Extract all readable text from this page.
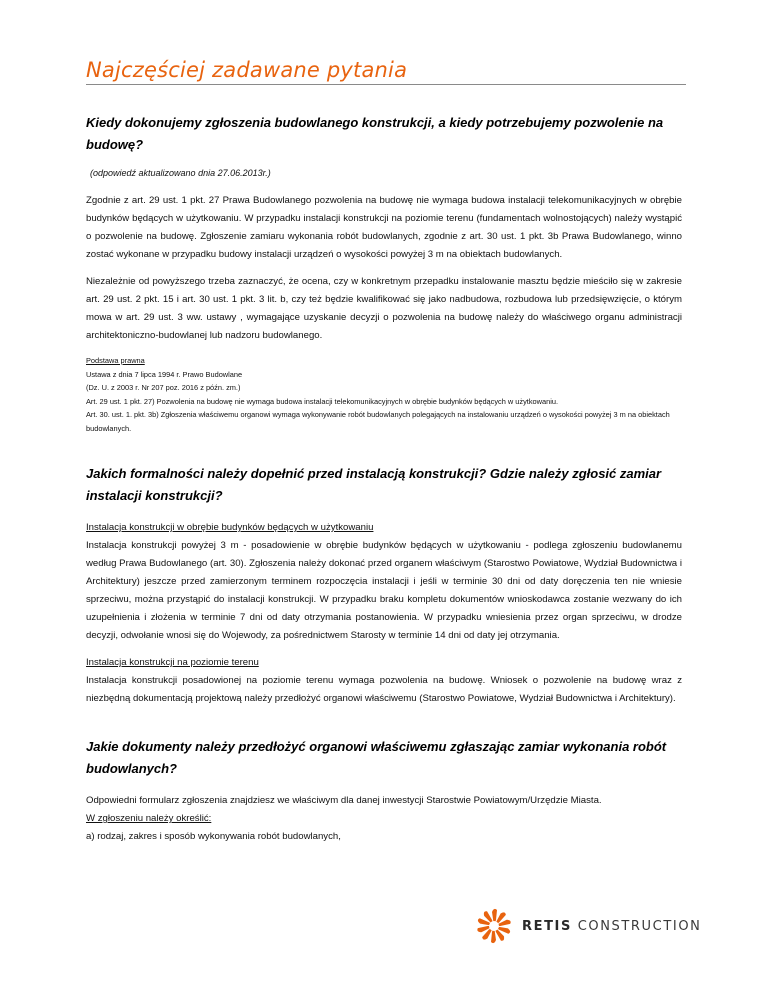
Najczęściej zadawane pytania
Kiedy dokonujemy zgłoszenia budowlanego konstrukcji, a kiedy potrzebujemy pozwolenie na budowę?
(odpowiedź aktualizowano dnia 27.06.2013r.)
Zgodnie z art. 29 ust. 1 pkt. 27 Prawa Budowlanego pozwolenia na budowę nie wymaga budowa instalacji telekomunikacyjnych w obrębie budynków będących w użytkowaniu. W przypadku instalacji konstrukcji na poziomie terenu (fundamentach wolnostojących) należy wystąpić o pozwolenie na budowę. Zgłoszenie zamiaru wykonania robót budowlanych, zgodnie z art. 30 ust. 1 pkt. 3b Prawa Budowlanego, winno zostać wykonane w przypadku budowy instalacji urządzeń o wysokości powyżej 3 m na obiektach budowlanych.
Niezależnie od powyższego trzeba zaznaczyć, że ocena, czy w konkretnym przepadku instalowanie masztu będzie mieściło się w zakresie art. 29 ust. 2 pkt. 15 i art. 30 ust. 1 pkt. 3 lit. b, czy też będzie kwalifikować się jako nadbudowa, rozbudowa lub przedsięwzięcie, o którym mowa w art. 29 ust. 3 ww. ustawy , wymagające uzyskanie decyzji o pozwolenia na budowę należy do właściwego organu administracji architektoniczno-budowlanej lub nadzoru budowlanego.

Podstawa prawna

Ustawa z dnia 7 lipca 1994 r. Prawo Budowlane

(Dz. U. z 2003 r. Nr 207 poz. 2016 z późn. zm.)

Art. 29 ust. 1 pkt. 27) Pozwolenia na budowę nie wymaga budowa instalacji telekomunikacyjnych w obrębie budynków będących w użytkowaniu.

Art. 30. ust. 1. pkt. 3b) Zgłoszenia właściwemu organowi wymaga wykonywanie robót budowlanych polegających na instalowaniu urządzeń o wysokości powyżej 3 m na obiektach budowlanych.

Jakich formalności należy dopełnić przed instalacją konstrukcji? Gdzie należy zgłosić zamiar instalacji konstrukcji?
Instalacja konstrukcji w obrębie budynków będących w użytkowaniu
Instalacja konstrukcji powyżej 3 m - posadowienie w obrębie budynków będących w użytkowaniu - podlega zgłoszeniu budowlanemu według Prawa Budowlanego (art. 30). Zgłoszenia należy dokonać przed organem właściwym (Starostwo Powiatowe, Wydział Budownictwa i Architektury) jeszcze przed zamierzonym terminem rozpoczęcia instalacji i jeśli w terminie 30 dni od daty doręczenia ten nie wniesie sprzeciwu, można przystąpić do instalacji konstrukcji. W przypadku braku kompletu dokumentów wnioskodawca zostanie wezwany do ich uzupełnienia i złożenia w terminie 7 dni od daty otrzymania postanowienia. W przypadku wniesienia przez organ sprzeciwu, w drodze decyzji, odwołanie wnosi się do Wojewody, za pośrednictwem Starosty w terminie 14 dni od daty jej otrzymania.
Instalacja konstrukcji na poziomie terenu
Instalacja konstrukcji posadowionej na poziomie terenu wymaga pozwolenia na budowę. Wniosek o pozwolenie na budowę wraz z niezbędną dokumentacją projektową należy przedłożyć organowi właściwemu (Starostwo Powiatowe, Wydział Budownictwa i Architektury).
Jakie dokumenty należy przedłożyć organowi właściwemu zgłaszając zamiar wykonania robót budowlanych?
Odpowiedni formularz zgłoszenia znajdziesz we właściwym dla danej inwestycji Starostwie Powiatowym/Urzędzie Miasta.
W zgłoszeniu należy określić:
a) rodzaj, zakres i sposób wykonywania robót budowlanych,
RETIS CONSTRUCTION
